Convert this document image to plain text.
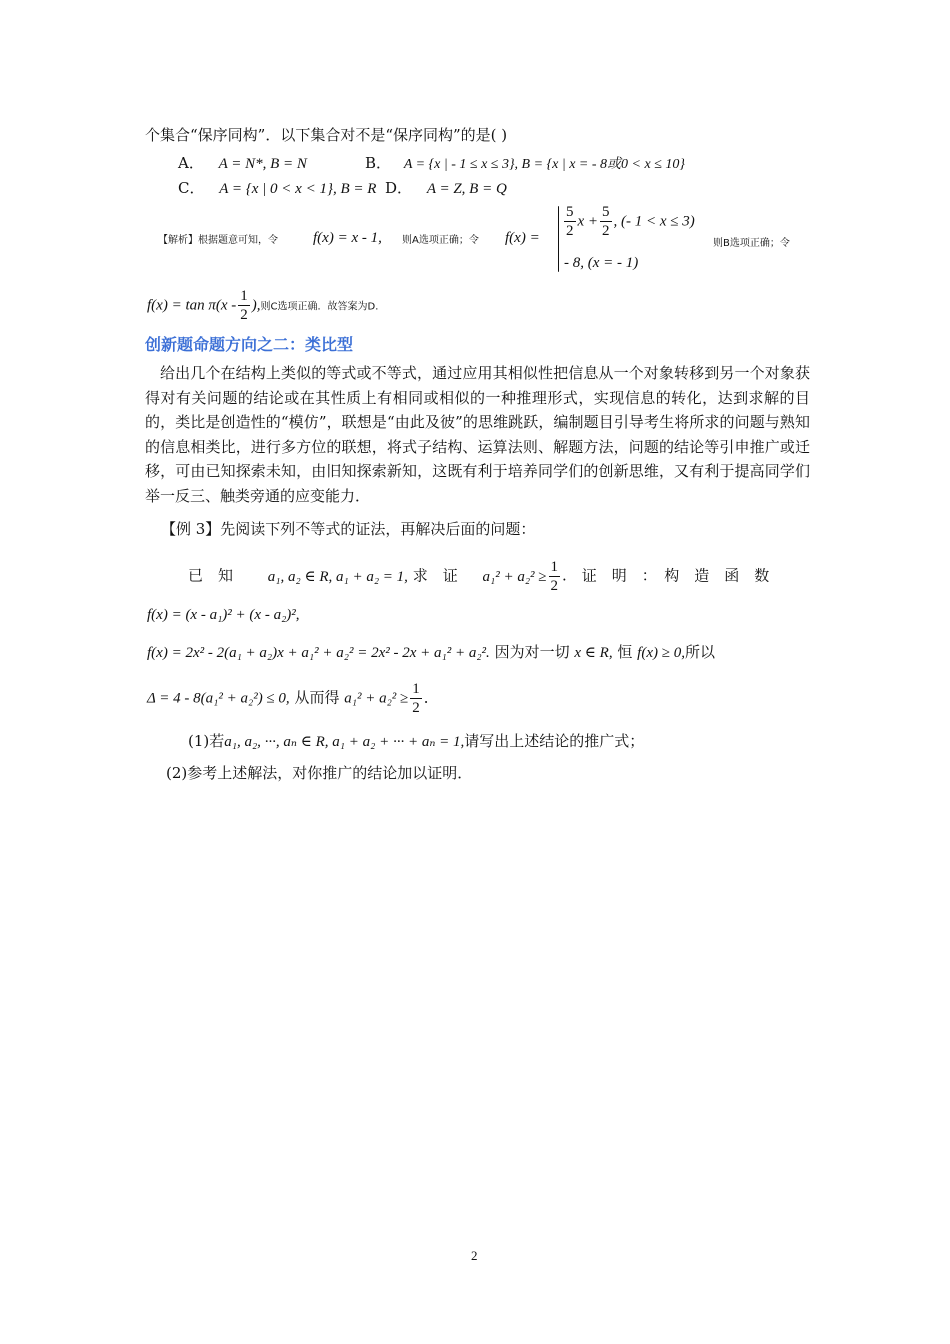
个集合“保序同构”．以下集合对不是“保序同构”的是( )
A． A = N*, B = N	B． A = {x | - 1 ≤ x ≤ 3}, B = {x | x = - 8或0 < x ≤ 10}
C． A = {x | 0 < x < 1}, B = R D． A = Z, B = Q
【解析】根据题意可知，令 f(x) = x - 1, 则A选项正确；令 $f(x) = \frac{5}{2}$ $x + \frac{5}{2}$ , (- 1 < x ≤ 3)
- 8, (x = - 1)
则B选项正确；令
$f(x) = \tan \pi(x - \frac{1}{2}$ ),则C选项正确．故答案为D．
创新题命题方向之二：类比型

给出几个在结构上类似的等式或不等式，通过应用其相似性把信息从一个对象转移到另一个对象获得对有关问题的结论或在其性质上有相同或相似的一种推理形式，实现信息的转化，达到求解的目的，类比是创造性的“模仿”，联想是“由此及彼”的思维跳跃，编制题目引导考生将所求的问题与熟知的信息相类比，进行多方位的联想，将式子结构、运算法则、解题方法，问题的结论等引申推广或迁移，可由已知探索未知，由旧知探索新知，这既有利于培养同学们的创新思维，又有利于提高同学们举一反三、触类旁通的应变能力．

【例 3】先阅读下列不等式的证法，再解决后面的问题：
已　知 a₁, a₂ ∈ R, a₁ + a₂ = 1, 求　证 $a_1^2 + a_2^2 \ge \frac{1}{2}$ .　证　明　：　构　造　函　数
f(x) = (x - a₁)² + (x - a₂)²,
f(x) = 2x² - 2(a₁ + a₂)x + a₁² + a₂² = 2x² - 2x + a₁² + a₂². 因为对一切 x ∈ R, 恒 f(x) ≥ 0,所以
Δ = 4 - 8(a₁² + a₂²) ≤ 0, 从而得 $a_1^2 + a_2^2 \ge \frac{1}{2}$ ．
(1)若a₁, a₂, ···, aₙ ∈ R, a₁ + a₂ + ··· + aₙ = 1,请写出上述结论的推广式；
(2)参考上述解法，对你推广的结论加以证明．
2
